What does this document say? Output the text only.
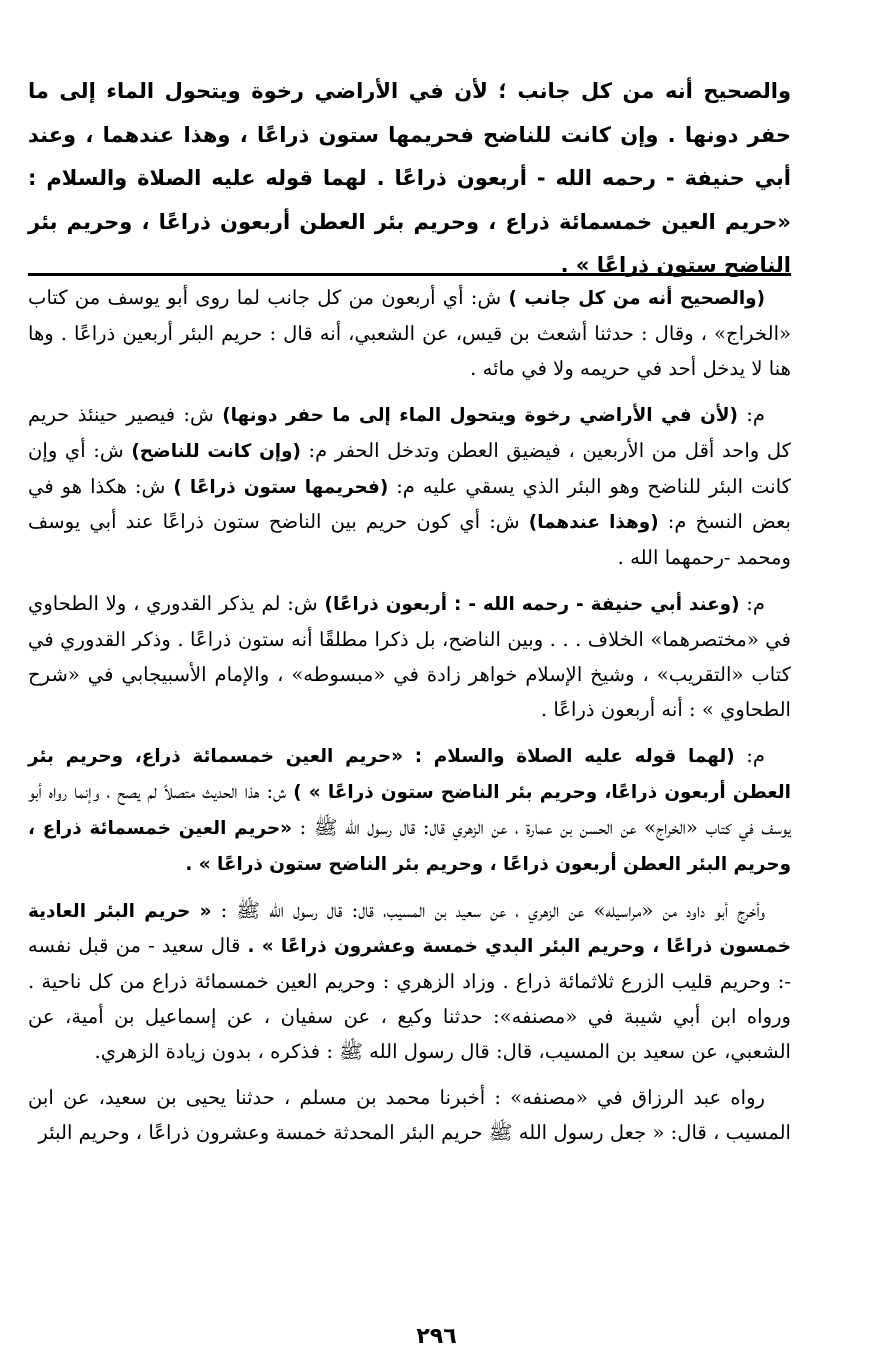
والصحيح أنه من كل جانب ؛ لأن في الأراضي رخوة ويتحول الماء إلى ما حفر دونها . وإن كانت للناضح فحريمها ستون ذراعًا ، وهذا عندهما ، وعند أبي حنيفة - رحمه الله - أربعون ذراعًا . لهما قوله عليه الصلاة والسلام : «حريم العين خمسمائة ذراع ، وحريم بئر العطن أربعون ذراعًا ، وحريم بئر الناضح ستون ذراعًا » .

(والصحيح أنه من كل جانب ) ش: أي أربعون من كل جانب لما روى أبو يوسف من كتاب «الخراج» ، وقال : حدثنا أشعث بن قيس، عن الشعبي، أنه قال : حريم البئر أربعين ذراعًا . وها هنا لا يدخل أحد في حريمه ولا في مائه .

م: (لأن في الأراضي رخوة ويتحول الماء إلى ما حفر دونها) ش: فيصير حينئذ حريم كل واحد أقل من الأربعين ، فيضيق العطن وتدخل الحفر م: (وإن كانت للناضح) ش: أي وإن كانت البئر للناضح وهو البئر الذي يسقي عليه م: (فحريمها ستون ذراعًا ) ش: هكذا هو في بعض النسخ م: (وهذا عندهما) ش: أي كون حريم بين الناضح ستون ذراعًا عند أبي يوسف ومحمد -رحمهما الله .

م: (وعند أبي حنيفة - رحمه الله - : أربعون ذراعًا) ش: لم يذكر القدوري ، ولا الطحاوي في «مختصرهما» الخلاف . . . وبين الناضح، بل ذكرا مطلقًا أنه ستون ذراعًا . وذكر القدوري في كتاب «التقريب» ، وشيخ الإسلام خواهر زادة في «مبسوطه» ، والإمام الأسبيجابي في «شرح الطحاوي » : أنه أربعون ذراعًا .

م: (لهما قوله عليه الصلاة والسلام : «حريم العين خمسمائة ذراع، وحريم بئر العطن أربعون ذراعًا، وحريم بئر الناضح ستون ذراعًا » ) ش: هذا الحديث متصلاً لم يصح ، وإنما رواه أبو يوسف في كتاب «الخراج» عن الحسن بن عمارة ، عن الزهري قال: قال رسول الله ﷺ : «حريم العين خمسمائة ذراع ، وحريم البئر العطن أربعون ذراعًا ، وحريم بئر الناضح ستون ذراعًا » .

وأخرج أبو داود من «مراسيله» عن الزهري ، عن سعيد بن المسيب، قال: قال رسول الله ﷺ : « حريم البئر العادية خمسون ذراعًا ، وحريم البئر البدي خمسة وعشرون ذراعًا » . قال سعيد - من قبل نفسه -: وحريم قليب الزرع ثلاثمائة ذراع . وزاد الزهري : وحريم العين خمسمائة ذراع من كل ناحية . ورواه ابن أبي شيبة في «مصنفه»: حدثنا وكيع ، عن سفيان ، عن إسماعيل بن أمية، عن الشعبي، عن سعيد بن المسيب، قال: قال رسول الله ﷺ : فذكره ، بدون زيادة الزهري.

رواه عبد الرزاق في «مصنفه» : أخبرنا محمد بن مسلم ، حدثنا يحيى بن سعيد، عن ابن المسيب ، قال: « جعل رسول الله ﷺ حريم البئر المحدثة خمسة وعشرون ذراعًا ، وحريم البئر

٢٩٦
